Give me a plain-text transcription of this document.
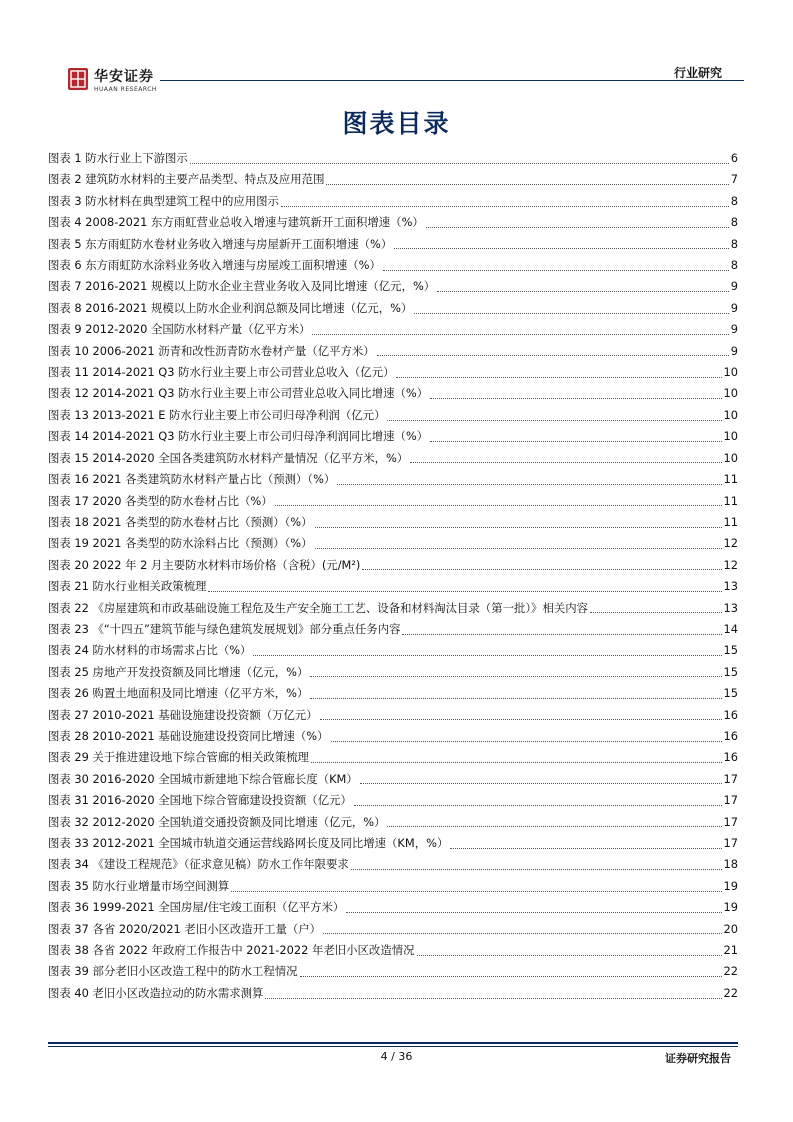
华安证券
HUAAN RESEARCH
行业研究
图表目录
图表 1 防水行业上下游图示	6
图表 2 建筑防水材料的主要产品类型、特点及应用范围	7
图表 3 防水材料在典型建筑工程中的应用图示	8
图表 4 2008-2021 东方雨虹营业总收入增速与建筑新开工面积增速（%）	8
图表 5 东方雨虹防水卷材业务收入增速与房屋新开工面积增速（%）	8
图表 6 东方雨虹防水涂料业务收入增速与房屋竣工面积增速（%）	8
图表 7 2016-2021 规模以上防水企业主营业务收入及同比增速（亿元，%）	9
图表 8 2016-2021 规模以上防水企业利润总额及同比增速（亿元，%）	9
图表 9 2012-2020 全国防水材料产量（亿平方米）	9
图表 10 2006-2021 沥青和改性沥青防水卷材产量（亿平方米）	9
图表 11 2014-2021 Q3 防水行业主要上市公司营业总收入（亿元）	10
图表 12 2014-2021 Q3 防水行业主要上市公司营业总收入同比增速（%）	10
图表 13 2013-2021 E 防水行业主要上市公司归母净利润（亿元）	10
图表 14 2014-2021 Q3 防水行业主要上市公司归母净利润同比增速（%）	10
图表 15 2014-2020 全国各类建筑防水材料产量情况（亿平方米，%）	10
图表 16 2021 各类建筑防水材料产量占比（预测）（%）	11
图表 17 2020 各类型的防水卷材占比（%）	11
图表 18 2021 各类型的防水卷材占比（预测）（%）	11
图表 19 2021 各类型的防水涂料占比（预测）（%）	12
图表 20 2022 年 2 月主要防水材料市场价格（含税）(元/M²)	12
图表 21 防水行业相关政策梳理	13
图表 22 《房屋建筑和市政基础设施工程危及生产安全施工工艺、设备和材料淘汰目录（第一批）》相关内容	13
图表 23 《“十四五”建筑节能与绿色建筑发展规划》部分重点任务内容	14
图表 24 防水材料的市场需求占比（%）	15
图表 25 房地产开发投资额及同比增速（亿元，%）	15
图表 26 购置土地面积及同比增速（亿平方米，%）	15
图表 27 2010-2021 基础设施建设投资额（万亿元）	16
图表 28 2010-2021 基础设施建设投资同比增速（%）	16
图表 29 关于推进建设地下综合管廊的相关政策梳理	16
图表 30 2016-2020 全国城市新建地下综合管廊长度（KM）	17
图表 31 2016-2020 全国地下综合管廊建设投资额（亿元）	17
图表 32 2012-2020 全国轨道交通投资额及同比增速（亿元，%）	17
图表 33 2012-2021 全国城市轨道交通运营线路网长度及同比增速（KM，%）	17
图表 34 《建设工程规范》（征求意见稿）防水工作年限要求	18
图表 35 防水行业增量市场空间测算	19
图表 36 1999-2021 全国房屋/住宅竣工面积（亿平方米）	19
图表 37 各省 2020/2021 老旧小区改造开工量（户）	20
图表 38 各省 2022 年政府工作报告中 2021-2022 年老旧小区改造情况	21
图表 39 部分老旧小区改造工程中的防水工程情况	22
图表 40 老旧小区改造拉动的防水需求测算	22
4 / 36	证券研究报告
